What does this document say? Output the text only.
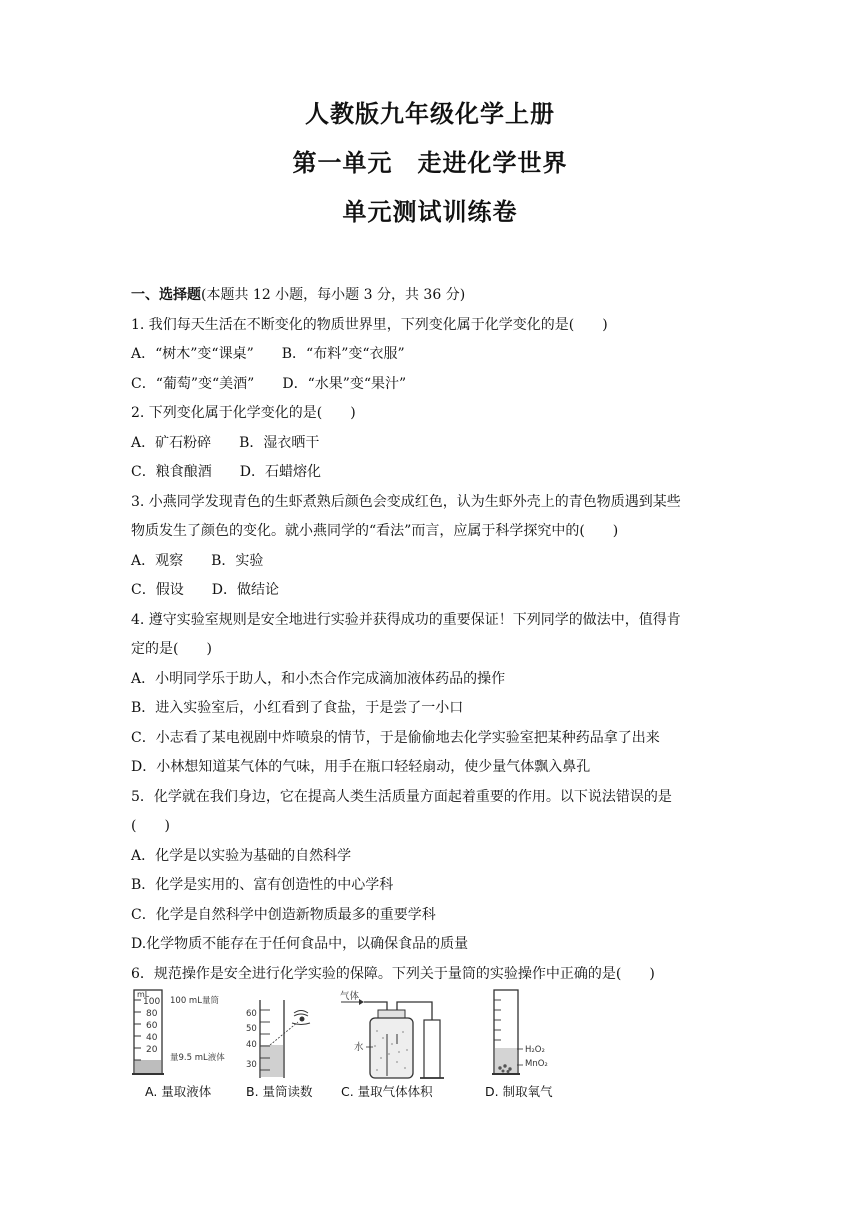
人教版九年级化学上册
第一单元　走进化学世界
单元测试训练卷
一、选择题(本题共 12 小题，每小题 3 分，共 36 分)
1. 我们每天生活在不断变化的物质世界里，下列变化属于化学变化的是(　　)
A．“树木”变“课桌” B．“布料”变“衣服”
C．“葡萄”变“美酒” D．“水果”变“果汁”
2. 下列变化属于化学变化的是(　　)
A．矿石粉碎 B．湿衣晒干
C．粮食酿酒 D．石蜡熔化
3. 小燕同学发现青色的生虾煮熟后颜色会变成红色，认为生虾外壳上的青色物质遇到某些
物质发生了颜色的变化。就小燕同学的“看法”而言，应属于科学探究中的(　　)
A．观察 B．实验
C．假设 D．做结论
4. 遵守实验室规则是安全地进行实验并获得成功的重要保证！下列同学的做法中，值得肯
定的是(　　)
A．小明同学乐于助人，和小杰合作完成滴加液体药品的操作
B．进入实验室后，小红看到了食盐，于是尝了一小口
C．小志看了某电视剧中炸喷泉的情节，于是偷偷地去化学实验室把某种药品拿了出来
D．小林想知道某气体的气味，用手在瓶口轻轻扇动，使少量气体飘入鼻孔
5．化学就在我们身边，它在提高人类生活质量方面起着重要的作用。以下说法错误的是
(　　)
A．化学是以实验为基础的自然科学
B．化学是实用的、富有创造性的中心学科
C．化学是自然科学中创造新物质最多的重要学科
D.化学物质不能存在于任何食品中，以确保食品的质量
6．规范操作是安全进行化学实验的保障。下列关于量筒的实验操作中正确的是(　　)
mL
100
80
60
40
20
100 mL量筒
量9.5 mL液体
A. 量取液体
60
50
40
30
B. 量筒读数
气体
水
C. 量取气体体积
H₂O₂
MnO₂
D. 制取氧气
